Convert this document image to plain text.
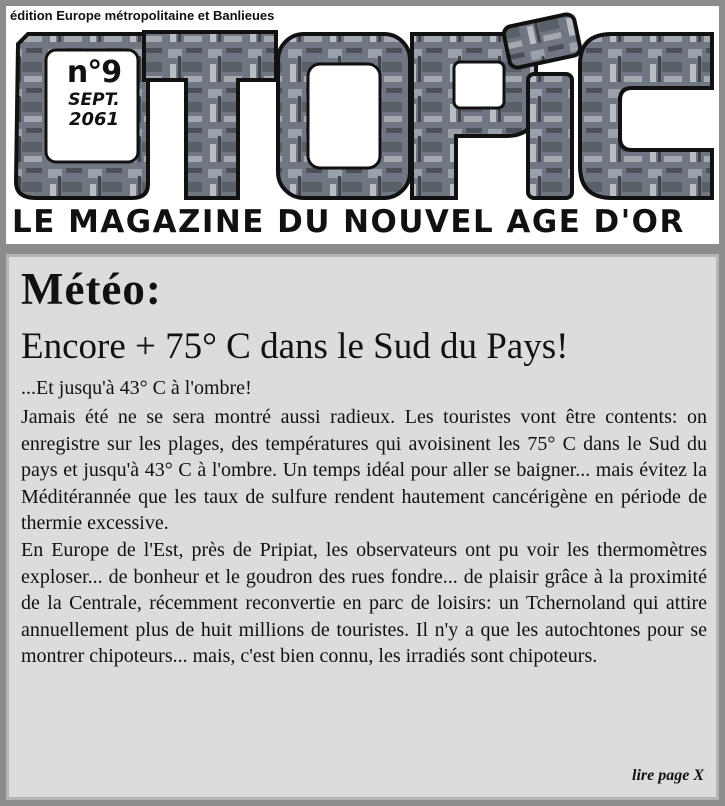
édition Europe métropolitaine et Banlieues
n°9
SEPT.
2061
LE MAGAZINE DU NOUVEL AGE D'OR
Météo:
Encore + 75° C dans le Sud du Pays!
...Et jusqu'à 43° C à l'ombre!

Jamais été ne se sera montré aussi radieux. Les touristes vont être contents: on enregistre sur les plages, des températures qui avoisinent les 75° C dans le Sud du pays et jusqu'à 43° C à l'ombre. Un temps idéal pour aller se baigner... mais évitez la Méditérannée que les taux de sulfure rendent hautement cancérigène en période de thermie excessive.

En Europe de l'Est, près de Pripiat, les observateurs ont pu voir les thermomètres exploser... de bonheur et le goudron des rues fondre... de plaisir grâce à la proximité de la Centrale, récemment reconvertie en parc de loisirs: un Tchernoland qui attire annuellement plus de huit millions de touristes. Il n'y a que les autochtones pour se montrer chipoteurs... mais, c'est bien connu, les irradiés sont chipoteurs.

lire page X
